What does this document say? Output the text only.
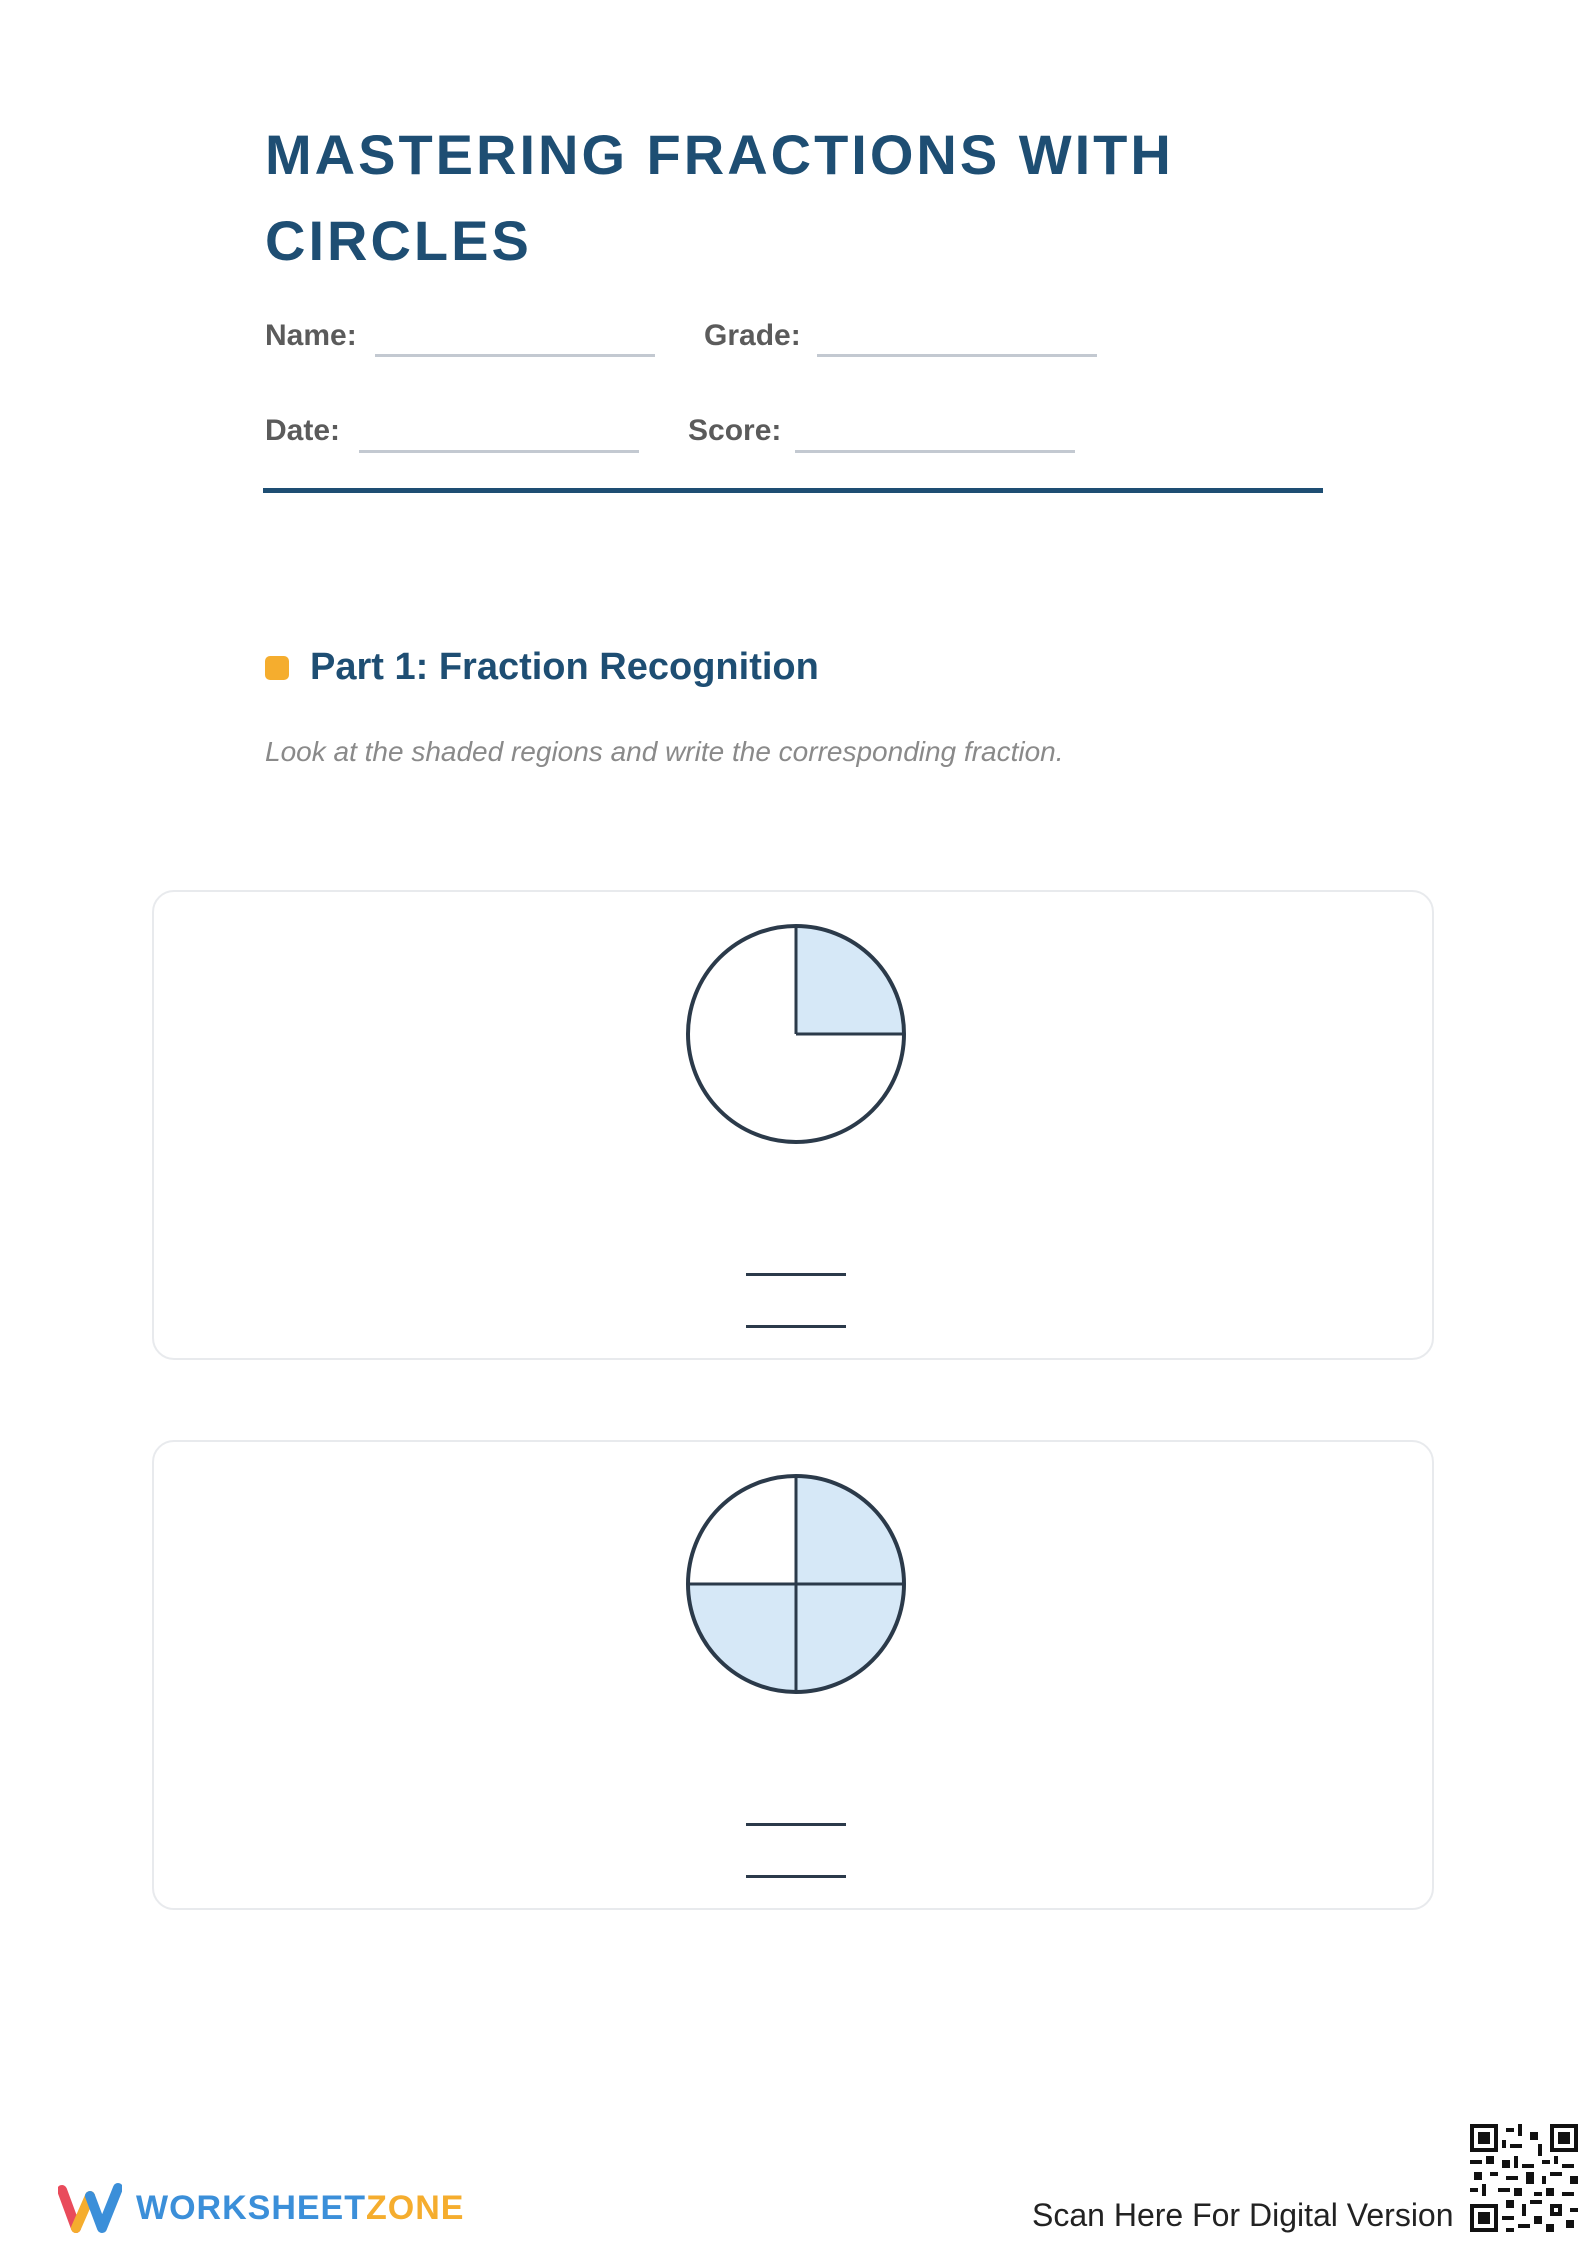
MASTERING FRACTIONS WITH CIRCLES
Name:	Grade:
Date:	Score:
Part 1: Fraction Recognition
Look at the shaded regions and write the corresponding fraction.
WORKSHEETZONE	Scan Here For Digital Version
